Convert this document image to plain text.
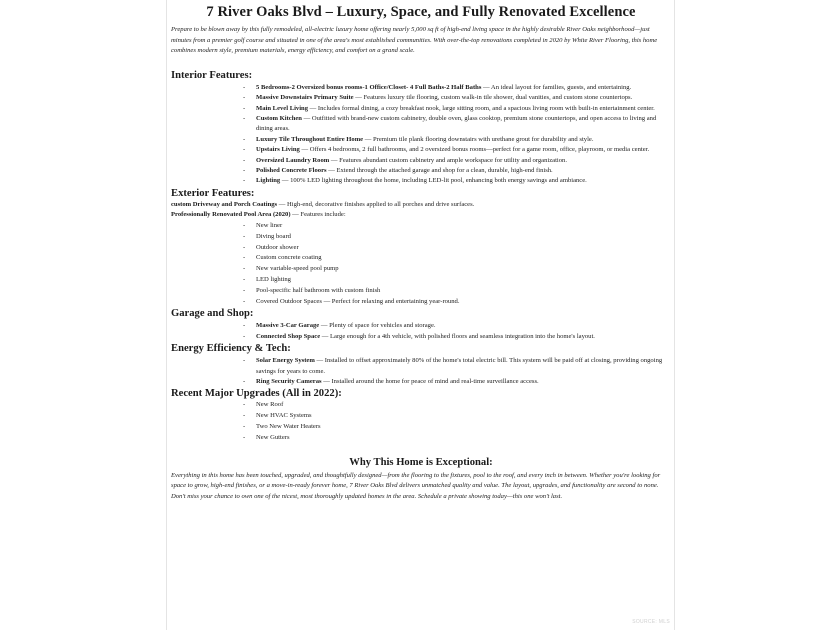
7 River Oaks Blvd – Luxury, Space, and Fully Renovated Excellence

Prepare to be blown away by this fully remodeled, all-electric luxury home offering nearly 5,000 sq ft of high-end living space in the highly desirable River Oaks neighborhood—just minutes from a premier golf course and situated in one of the area's most established communities. With over-the-top renovations completed in 2020 by White River Flooring, this home combines modern style, premium materials, energy efficiency, and comfort on a grand scale.

Interior Features:
- 5 Bedrooms-2 Oversized bonus rooms-1 Office/Closet- 4 Full Baths-2 Half Baths — An ideal layout for families, guests, and entertaining.
- Massive Downstairs Primary Suite — Features luxury tile flooring, custom walk-in tile shower, dual vanities, and custom stone countertops.
- Main Level Living — Includes formal dining, a cozy breakfast nook, large sitting room, and a spacious living room with built-in entertainment center.
- Custom Kitchen — Outfitted with brand-new custom cabinetry, double oven, glass cooktop, premium stone countertops, and open access to living and dining areas.
- Luxury Tile Throughout Entire Home — Premium tile plank flooring downstairs with urethane grout for durability and style.
- Upstairs Living — Offers 4 bedrooms, 2 full bathrooms, and 2 oversized bonus rooms—perfect for a game room, office, playroom, or media center.
- Oversized Laundry Room — Features abundant custom cabinetry and ample workspace for utility and organization.
- Polished Concrete Floors — Extend through the attached garage and shop for a clean, durable, high-end finish.
- Lighting — 100% LED lighting throughout the home, including LED-lit pool, enhancing both energy savings and ambiance.
Exterior Features:
custom Driveway and Porch Coatings — High-end, decorative finishes applied to all porches and drive surfaces.
Professionally Renovated Pool Area (2020) — Features include:
- New liner
- Diving board
- Outdoor shower
- Custom concrete coating
- New variable-speed pool pump
- LED lighting
- Pool-specific half bathroom with custom finish
- Covered Outdoor Spaces — Perfect for relaxing and entertaining year-round.
Garage and Shop:
- Massive 3-Car Garage — Plenty of space for vehicles and storage.
- Connected Shop Space — Large enough for a 4th vehicle, with polished floors and seamless integration into the home's layout.
Energy Efficiency & Tech:
- Solar Energy System — Installed to offset approximately 80% of the home's total electric bill. This system will be paid off at closing, providing ongoing savings for years to come.
- Ring Security Cameras — Installed around the home for peace of mind and real-time surveillance access.
Recent Major Upgrades (All in 2022):
- New Roof
- New HVAC Systems
- Two New Water Heaters
- New Gutters
Why This Home is Exceptional:

Everything in this home has been touched, upgraded, and thoughtfully designed—from the flooring to the fixtures, pool to the roof, and every inch in between. Whether you're looking for space to grow, high-end finishes, or a move-in-ready forever home, 7 River Oaks Blvd delivers unmatched quality and value. The layout, upgrades, and functionality are second to none.

Don't miss your chance to own one of the nicest, most thoroughly updated homes in the area. Schedule a private showing today—this one won't last.

SOURCE: MLS
